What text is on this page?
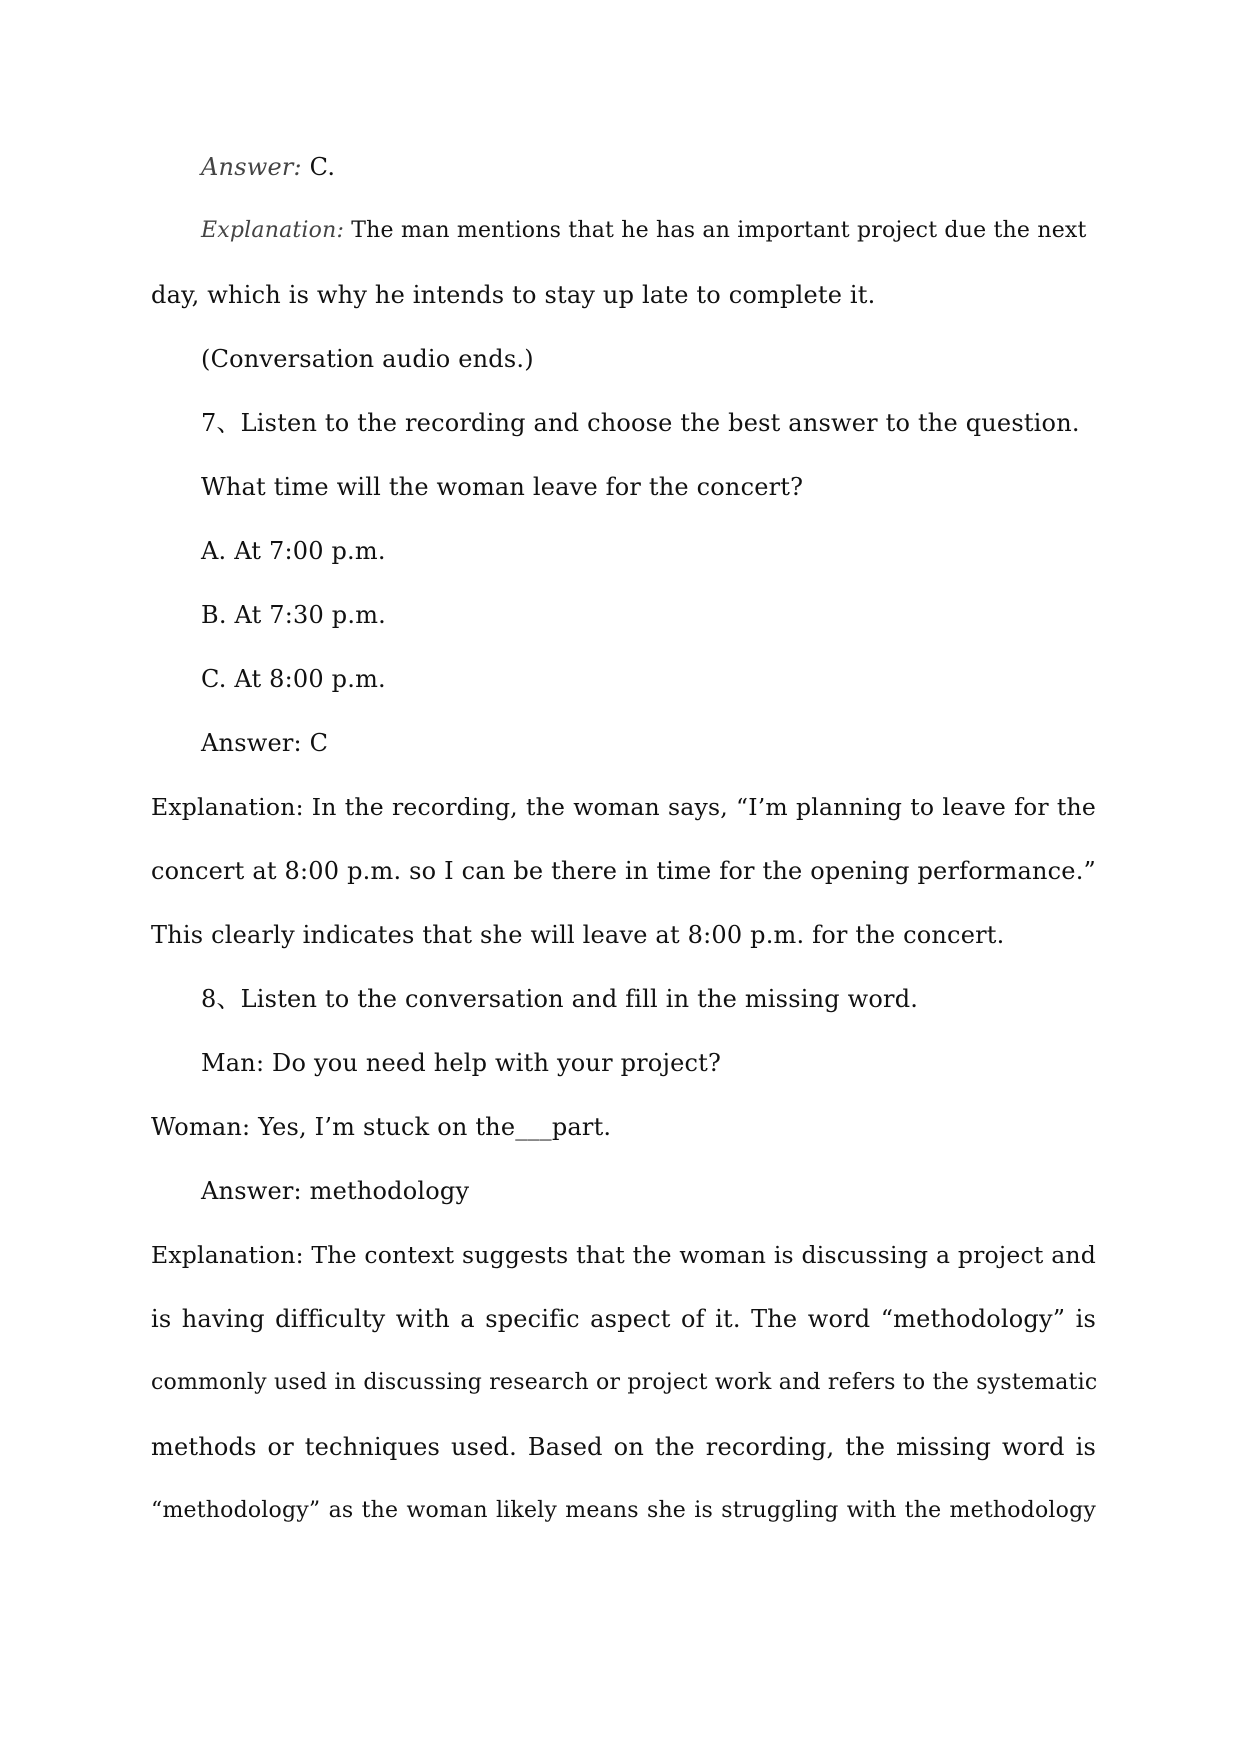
Answer: C.
Explanation: The man mentions that he has an important project due the next
day, which is why he intends to stay up late to complete it.
(Conversation audio ends.)
7、Listen to the recording and choose the best answer to the question.
What time will the woman leave for the concert?
A. At 7:00 p.m.
B. At 7:30 p.m.
C. At 8:00 p.m.
Answer: C
Explanation: In the recording, the woman says, “I’m planning to leave for the
concert at 8:00 p.m. so I can be there in time for the opening performance.”
This clearly indicates that she will leave at 8:00 p.m. for the concert.
8、Listen to the conversation and fill in the missing word.
Man: Do you need help with your project?
Woman: Yes, I’m stuck on the___part.
Answer: methodology
Explanation: The context suggests that the woman is discussing a project and
is having difficulty with a specific aspect of it. The word “methodology” is
commonly used in discussing research or project work and refers to the systematic
methods or techniques used. Based on the recording, the missing word is
“methodology” as the woman likely means she is struggling with the methodology
